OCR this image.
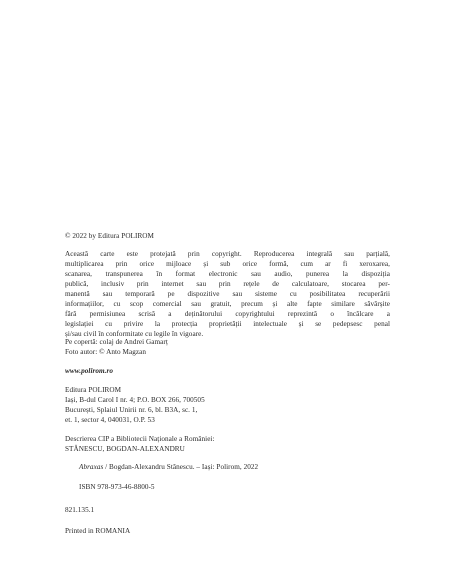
© 2022 by Editura POLIROM
Această carte este protejată prin copyright. Reproducerea integrală sau parțială,
multiplicarea prin orice mijloace și sub orice formă, cum ar fi xeroxarea,
scanarea, transpunerea în format electronic sau audio, punerea la dispoziția
publică, inclusiv prin internet sau prin rețele de calculatoare, stocarea per-
manentă sau temporară pe dispozitive sau sisteme cu posibilitatea recuperării
informațiilor, cu scop comercial sau gratuit, precum și alte fapte similare săvârșite
fără permisiunea scrisă a deținătorului copyrightului reprezintă o încălcare a
legislației cu privire la protecția proprietății intelectuale și se pedepsesc penal
și/sau civil în conformitate cu legile în vigoare.
Pe copertă: colaj de Andrei Gamarț
Foto autor: © Anto Magzan
www.polirom.ro
Editura POLIROM
Iași, B-dul Carol I nr. 4; P.O. BOX 266, 700505
București, Splaiul Unirii nr. 6, bl. B3A, sc. 1,
et. 1, sector 4, 040031, O.P. 53
Descrierea CIP a Bibliotecii Naționale a României:
STĂNESCU, BOGDAN-ALEXANDRU
Abraxas / Bogdan-Alexandru Stănescu. – Iași: Polirom, 2022
ISBN 978-973-46-8800-5
821.135.1
Printed in ROMANIA
